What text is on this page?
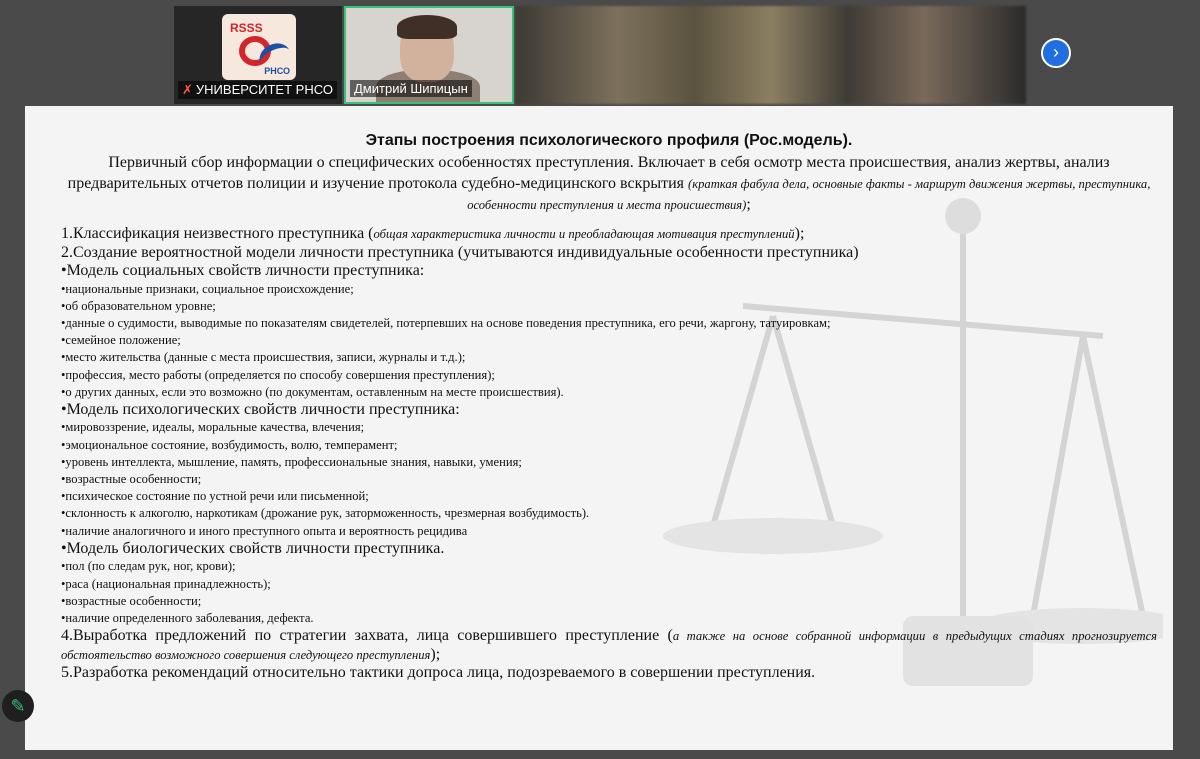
RSSS
РНСО
✗ УНИВЕРСИТЕТ РНСО	Дмитрий Шипицын
›
Этапы построения психологического профиля (Рос.модель).
Первичный сбор информации о специфических особенностях преступления. Включает в себя осмотр места происшествия, анализ жертвы, анализ предварительных отчетов полиции и изучение протокола судебно-медицинского вскрытия (краткая фабула дела, основные факты - маршрут движения жертвы, преступника, особенности преступления и места происшествия);
1.Классификация неизвестного преступника (общая характеристика личности и преобладающая мотивация преступлений);
2.Создание вероятностной модели личности преступника (учитываются индивидуальные особенности преступника)
•Модель социальных свойств личности преступника:
•национальные признаки, социальное происхождение;
•об образовательном уровне;
•данные о судимости, выводимые по показателям свидетелей, потерпевших на основе поведения преступника, его речи, жаргону, татуировкам;
•семейное положение;
•место жительства (данные с места происшествия, записи, журналы и т.д.);
•профессия, место работы (определяется по способу совершения преступления);
•о других данных, если это возможно (по документам, оставленным на месте происшествия).
•Модель психологических свойств личности преступника:
•мировоззрение, идеалы, моральные качества, влечения;
•эмоциональное состояние, возбудимость, волю, темперамент;
•уровень интеллекта, мышление, память, профессиональные знания, навыки, умения;
•возрастные особенности;
•психическое состояние по устной речи или письменной;
•склонность к алкоголю, наркотикам (дрожание рук, заторможенность, чрезмерная возбудимость).
•наличие аналогичного и иного преступного опыта и вероятность рецидива
•Модель биологических свойств личности преступника.
•пол (по следам рук, ног, крови);
•раса (национальная принадлежность);
•возрастные особенности;
•наличие определенного заболевания, дефекта.
4.Выработка предложений по стратегии захвата, лица совершившего преступление (а также на основе собранной информации в предыдущих стадиях прогнозируется обстоятельство возможного совершения следующего преступления);
5.Разработка рекомендаций относительно тактики допроса лица, подозреваемого в совершении преступления.
✎
